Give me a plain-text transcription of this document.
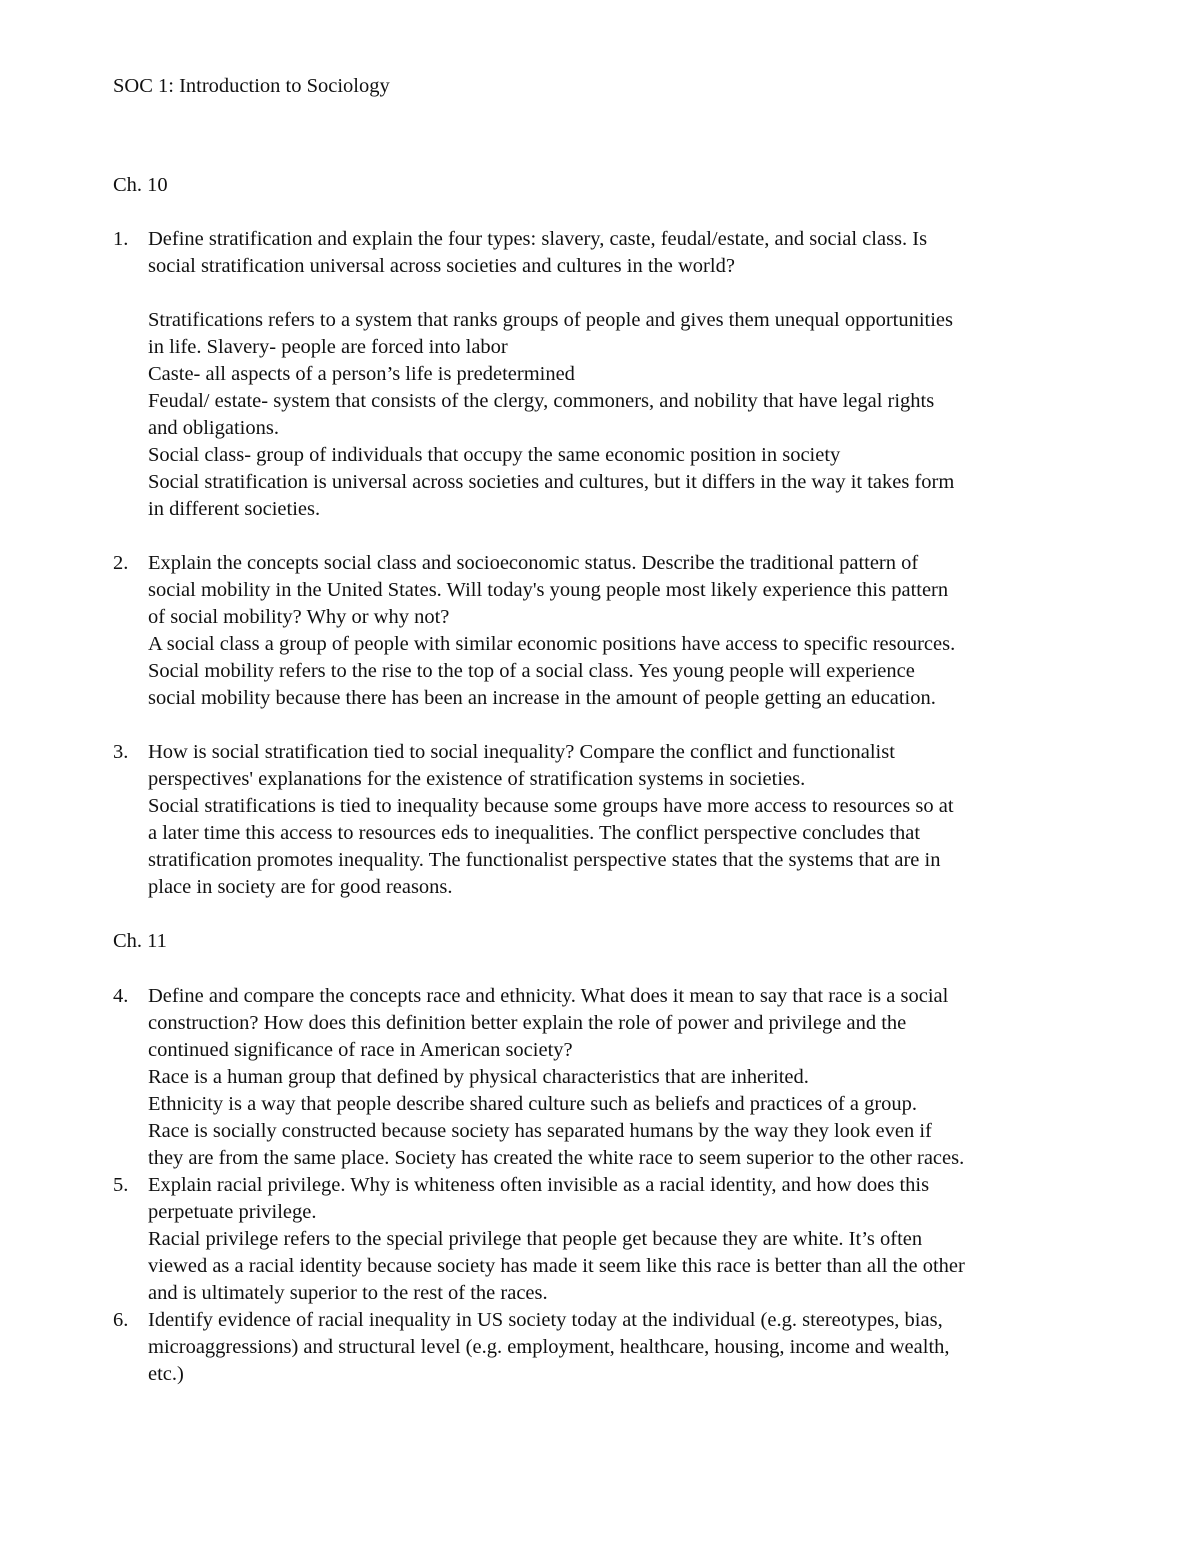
SOC 1: Introduction to Sociology
Ch. 10
1. Define stratification and explain the four types: slavery, caste, feudal/estate, and social class. Is
social stratification universal across societies and cultures in the world?
Stratifications refers to a system that ranks groups of people and gives them unequal opportunities
in life. Slavery- people are forced into labor
Caste- all aspects of a person’s life is predetermined
Feudal/ estate- system that consists of the clergy, commoners, and nobility that have legal rights
and obligations.
Social class- group of individuals that occupy the same economic position in society
Social stratification is universal across societies and cultures, but it differs in the way it takes form
in different societies.
2. Explain the concepts social class and socioeconomic status. Describe the traditional pattern of
social mobility in the United States. Will today's young people most likely experience this pattern
of social mobility? Why or why not?
A social class a group of people with similar economic positions have access to specific resources.
Social mobility refers to the rise to the top of a social class. Yes young people will experience
social mobility because there has been an increase in the amount of people getting an education.
3. How is social stratification tied to social inequality? Compare the conflict and functionalist
perspectives' explanations for the existence of stratification systems in societies.
Social stratifications is tied to inequality because some groups have more access to resources so at
a later time this access to resources eds to inequalities. The conflict perspective concludes that
stratification promotes inequality. The functionalist perspective states that the systems that are in
place in society are for good reasons.
Ch. 11
4. Define and compare the concepts race and ethnicity. What does it mean to say that race is a social
construction? How does this definition better explain the role of power and privilege and the
continued significance of race in American society?
Race is a human group that defined by physical characteristics that are inherited.
Ethnicity is a way that people describe shared culture such as beliefs and practices of a group.
Race is socially constructed because society has separated humans by the way they look even if
they are from the same place. Society has created the white race to seem superior to the other races.
5. Explain racial privilege. Why is whiteness often invisible as a racial identity, and how does this
perpetuate privilege.
Racial privilege refers to the special privilege that people get because they are white. It’s often
viewed as a racial identity because society has made it seem like this race is better than all the other
and is ultimately superior to the rest of the races.
6. Identify evidence of racial inequality in US society today at the individual (e.g. stereotypes, bias,
microaggressions) and structural level (e.g. employment, healthcare, housing, income and wealth,
etc.)
